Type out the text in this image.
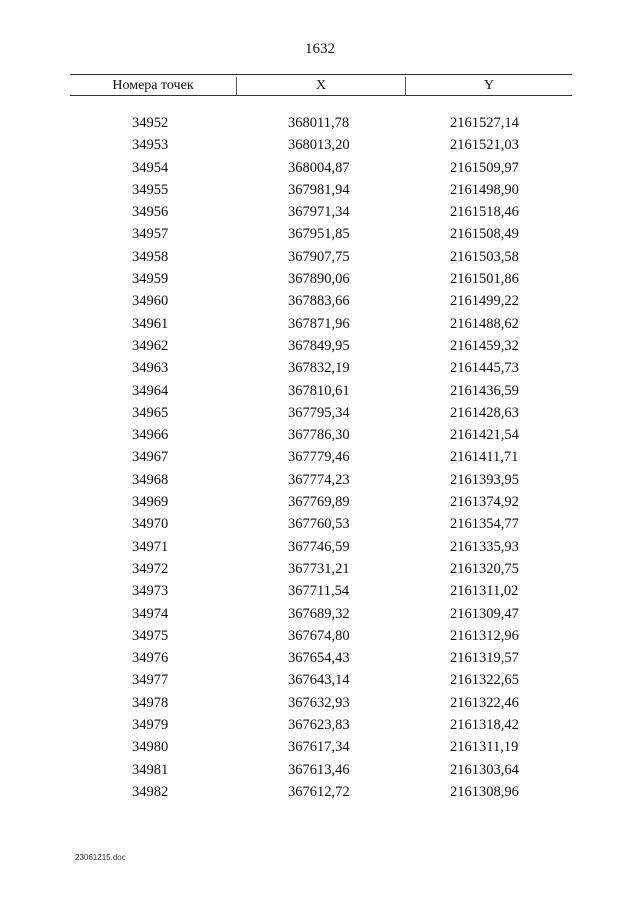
1632
Номера точек	X	Y
34952	368011,78	2161527,14
34953	368013,20	2161521,03
34954	368004,87	2161509,97
34955	367981,94	2161498,90
34956	367971,34	2161518,46
34957	367951,85	2161508,49
34958	367907,75	2161503,58
34959	367890,06	2161501,86
34960	367883,66	2161499,22
34961	367871,96	2161488,62
34962	367849,95	2161459,32
34963	367832,19	2161445,73
34964	367810,61	2161436,59
34965	367795,34	2161428,63
34966	367786,30	2161421,54
34967	367779,46	2161411,71
34968	367774,23	2161393,95
34969	367769,89	2161374,92
34970	367760,53	2161354,77
34971	367746,59	2161335,93
34972	367731,21	2161320,75
34973	367711,54	2161311,02
34974	367689,32	2161309,47
34975	367674,80	2161312,96
34976	367654,43	2161319,57
34977	367643,14	2161322,65
34978	367632,93	2161322,46
34979	367623,83	2161318,42
34980	367617,34	2161311,19
34981	367613,46	2161303,64
34982	367612,72	2161308,96
23061215.doc
